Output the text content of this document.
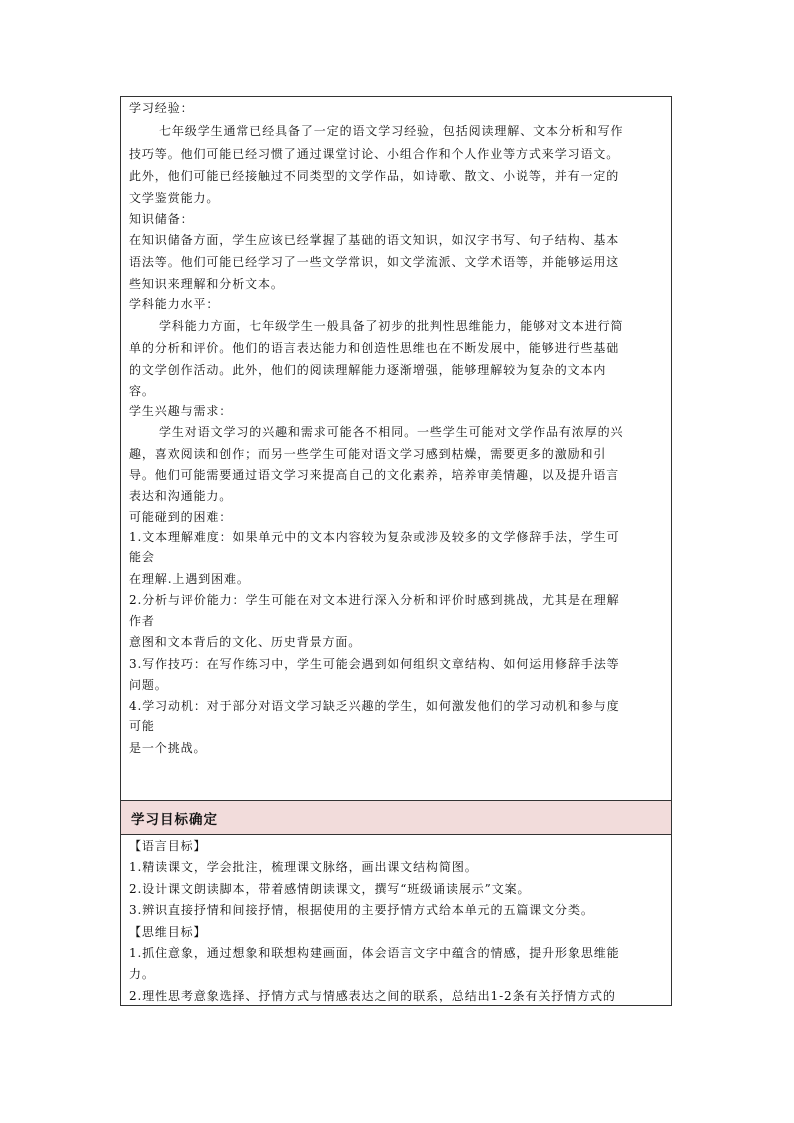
学习经验：
七年级学生通常已经具备了一定的语文学习经验，包括阅读理解、文本分析和写作
技巧等。他们可能已经习惯了通过课堂讨论、小组合作和个人作业等方式来学习语文。
此外，他们可能已经接触过不同类型的文学作品，如诗歌、散文、小说等，并有一定的
文学鉴赏能力。
知识储备：
在知识储备方面，学生应该已经掌握了基础的语文知识，如汉字书写、句子结构、基本
语法等。他们可能已经学习了一些文学常识，如文学流派、文学术语等，并能够运用这
些知识来理解和分析文本。
学科能力水平：
学科能力方面，七年级学生一般具备了初步的批判性思维能力，能够对文本进行简
单的分析和评价。他们的语言表达能力和创造性思维也在不断发展中，能够进行些基础
的文学创作活动。此外，他们的阅读理解能力逐渐增强，能够理解较为复杂的文本内
容。
学生兴趣与需求：
学生对语文学习的兴趣和需求可能各不相同。一些学生可能对文学作品有浓厚的兴
趣，喜欢阅读和创作；而另一些学生可能对语文学习感到枯燥，需要更多的激励和引
导。他们可能需要通过语文学习来提高自己的文化素养，培养审美情趣，以及提升语言
表达和沟通能力。
可能碰到的困难：
1.文本理解难度：如果单元中的文本内容较为复杂或涉及较多的文学修辞手法，学生可
能会
在理解.上遇到困难。
2.分析与评价能力：学生可能在对文本进行深入分析和评价时感到挑战，尤其是在理解
作者
意图和文本背后的文化、历史背景方面。
3.写作技巧：在写作练习中，学生可能会遇到如何组织文章结构、如何运用修辞手法等
问题。
4.学习动机：对于部分对语文学习缺乏兴趣的学生，如何激发他们的学习动机和参与度
可能
是一个挑战。
学习目标确定
【语言目标】
1.精读课文，学会批注，梳理课文脉络，画出课文结构简图。
2.设计课文朗读脚本，带着感情朗读课文，撰写“班级诵读展示”文案。
3.辨识直接抒情和间接抒情，根据使用的主要抒情方式给本单元的五篇课文分类。
【思维目标】
1.抓住意象，通过想象和联想构建画面，体会语言文字中蕴含的情感，提升形象思维能
力。
2.理性思考意象选择、抒情方式与情感表达之间的联系，总结出1-2条有关抒情方式的
